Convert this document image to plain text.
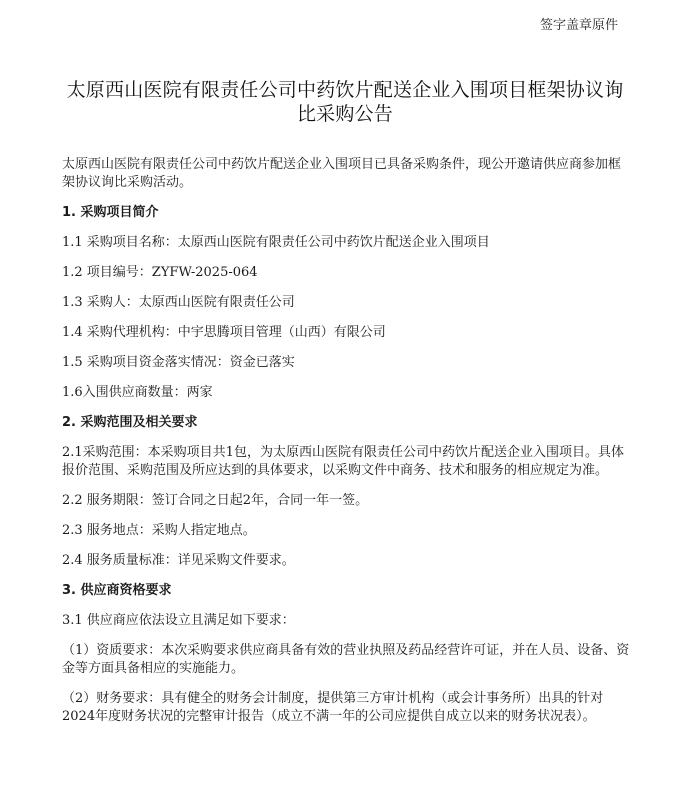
签字盖章原件
太原西山医院有限责任公司中药饮片配送企业入围项目框架协议询
比采购公告

太原西山医院有限责任公司中药饮片配送企业入围项目已具备采购条件，现公开邀请供应商参加框架协议询比采购活动。

1. 采购项目简介

1.1 采购项目名称：太原西山医院有限责任公司中药饮片配送企业入围项目

1.2 项目编号：ZYFW-2025-064

1.3 采购人：太原西山医院有限责任公司

1.4 采购代理机构：中宇思腾项目管理（山西）有限公司

1.5 采购项目资金落实情况：资金已落实

1.6入围供应商数量：两家

2. 采购范围及相关要求

2.1采购范围：本采购项目共1包，为太原西山医院有限责任公司中药饮片配送企业入围项目。具体报价范围、采购范围及所应达到的具体要求，以采购文件中商务、技术和服务的相应规定为准。

2.2 服务期限：签订合同之日起2年，合同一年一签。

2.3 服务地点：采购人指定地点。

2.4 服务质量标准：详见采购文件要求。

3. 供应商资格要求

3.1 供应商应依法设立且满足如下要求：

（1）资质要求：本次采购要求供应商具备有效的营业执照及药品经营许可证，并在人员、设备、资金等方面具备相应的实施能力。

（2）财务要求：具有健全的财务会计制度，提供第三方审计机构（或会计事务所）出具的针对2024年度财务状况的完整审计报告（成立不满一年的公司应提供自成立以来的财务状况表）。
